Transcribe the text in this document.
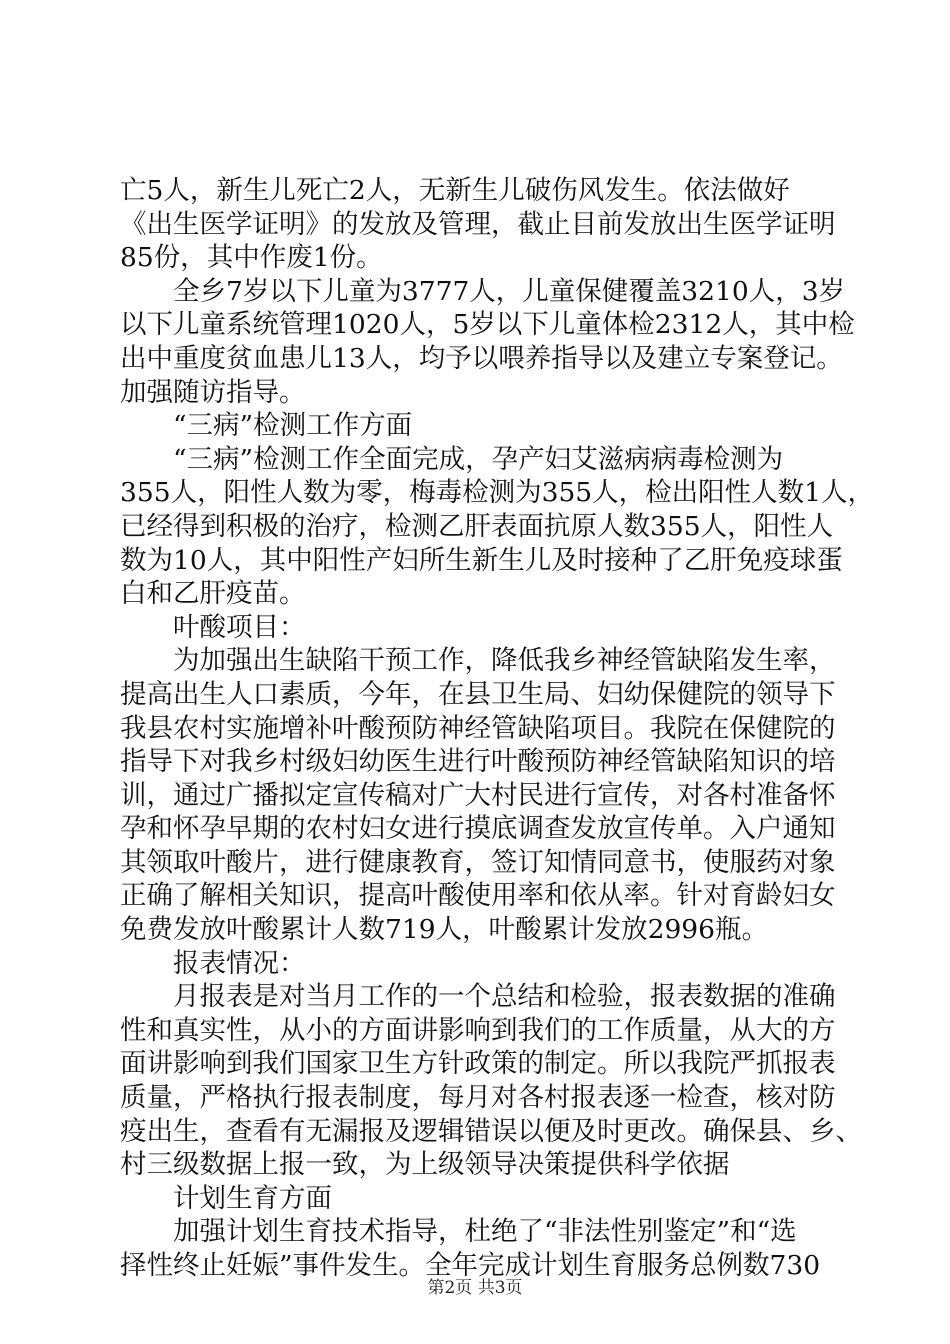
亡5人，新生儿死亡2人，无新生儿破伤风发生。依法做好
《出生医学证明》的发放及管理，截止目前发放出生医学证明
85份，其中作废1份。
　　全乡7岁以下儿童为3777人，儿童保健覆盖3210人，3岁
以下儿童系统管理1020人，5岁以下儿童体检2312人，其中检
出中重度贫血患儿13人，均予以喂养指导以及建立专案登记。
加强随访指导。
　　“三病”检测工作方面
　　“三病”检测工作全面完成，孕产妇艾滋病病毒检测为
355人，阳性人数为零，梅毒检测为355人，检出阳性人数1人，
已经得到积极的治疗，检测乙肝表面抗原人数355人，阳性人
数为10人，其中阳性产妇所生新生儿及时接种了乙肝免疫球蛋
白和乙肝疫苗。
　　叶酸项目：
　　为加强出生缺陷干预工作，降低我乡神经管缺陷发生率，
提高出生人口素质，今年，在县卫生局、妇幼保健院的领导下
我县农村实施增补叶酸预防神经管缺陷项目。我院在保健院的
指导下对我乡村级妇幼医生进行叶酸预防神经管缺陷知识的培
训，通过广播拟定宣传稿对广大村民进行宣传，对各村准备怀
孕和怀孕早期的农村妇女进行摸底调查发放宣传单。入户通知
其领取叶酸片，进行健康教育，签订知情同意书，使服药对象
正确了解相关知识，提高叶酸使用率和依从率。针对育龄妇女
免费发放叶酸累计人数719人，叶酸累计发放2996瓶。
　　报表情况：
　　月报表是对当月工作的一个总结和检验，报表数据的准确
性和真实性，从小的方面讲影响到我们的工作质量，从大的方
面讲影响到我们国家卫生方针政策的制定。所以我院严抓报表
质量，严格执行报表制度，每月对各村报表逐一检查，核对防
疫出生，查看有无漏报及逻辑错误以便及时更改。确保县、乡、
村三级数据上报一致，为上级领导决策提供科学依据
　　计划生育方面
　　加强计划生育技术指导，杜绝了“非法性别鉴定”和“选
择性终止妊娠”事件发生。全年完成计划生育服务总例数730
第2页 共3页
